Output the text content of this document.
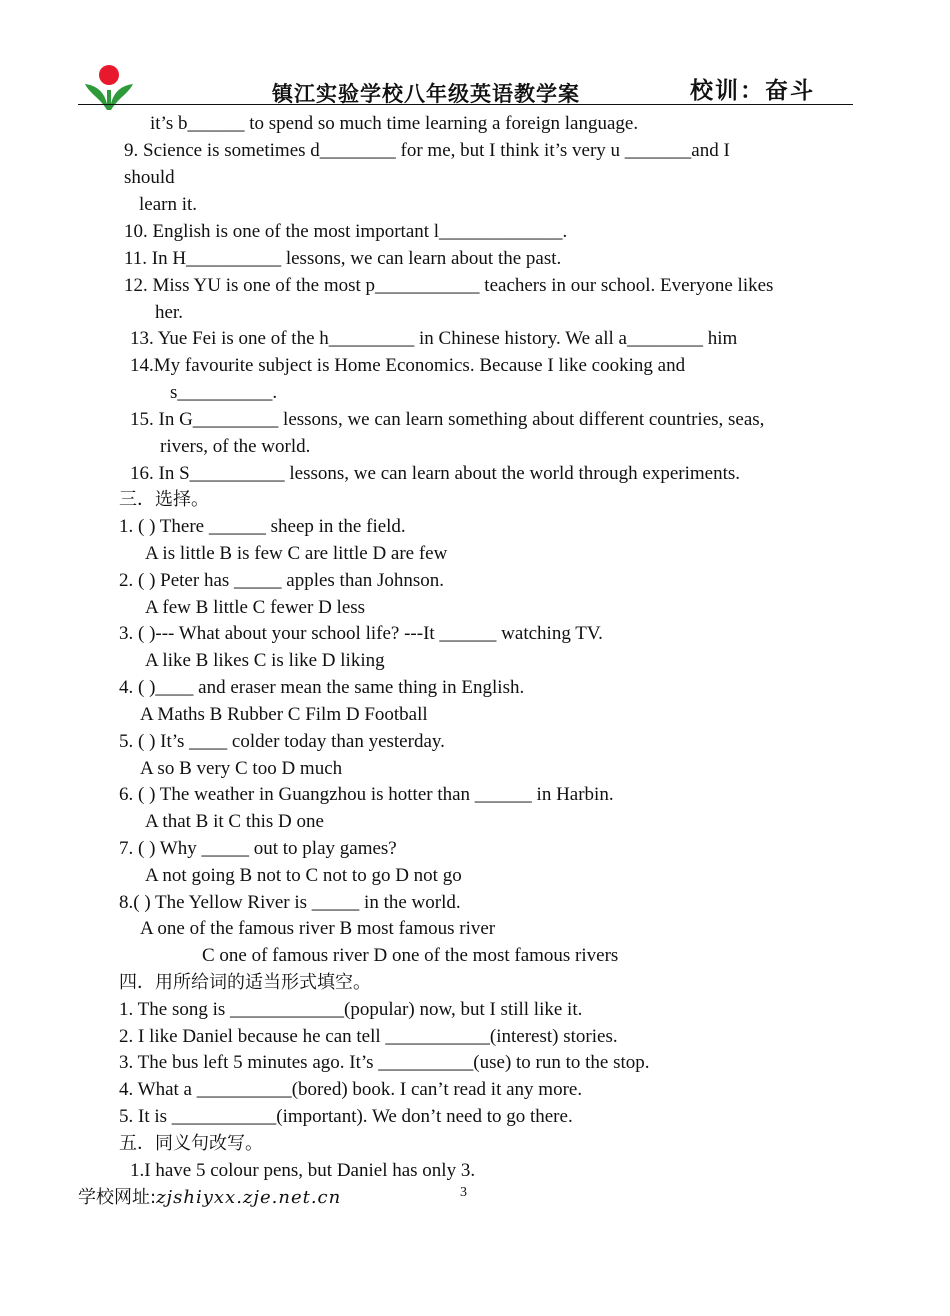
镇江实验学校八年级英语教学案	校训：奋斗
it’s b______ to spend so much time learning a foreign language.
9. Science is sometimes d________ for me, but I think it’s very u _______and I
should
learn it.
10. English is one of the most important l_____________.
11. In H__________ lessons, we can learn about the past.
12. Miss YU is one of the most p___________ teachers in our school. Everyone likes
her.
13. Yue Fei is one of the h_________ in Chinese history. We all a________ him
14.My favourite subject is Home Economics. Because I like cooking and
s__________.
15. In G_________ lessons, we can learn something about different countries, seas,
rivers, of the world.
16. In S__________ lessons, we can learn about the world through experiments.
三．选择。
1. ( ) There ______ sheep in the field.
A is little B is few C are little D are few
2. ( ) Peter has _____ apples than Johnson.
A few B little C fewer D less
3. ( )--- What about your school life? ---It ______ watching TV.
A like B likes C is like D liking
4. ( )____ and eraser mean the same thing in English.
A Maths B Rubber C Film D Football
5. ( ) It’s ____ colder today than yesterday.
A so B very C too D much
6. ( ) The weather in Guangzhou is hotter than ______ in Harbin.
A that B it C this D one
7. ( ) Why _____ out to play games?
A not going B not to C not to go D not go
8.( ) The Yellow River is _____ in the world.
A one of the famous river B most famous river
C one of famous river D one of the most famous rivers
四．用所给词的适当形式填空。
1. The song is ____________(popular) now, but I still like it.
2. I like Daniel because he can tell ___________(interest) stories.
3. The bus left 5 minutes ago. It’s __________(use) to run to the stop.
4. What a __________(bored) book. I can’t read it any more.
5. It is ___________(important). We don’t need to go there.
五．同义句改写。
1.I have 5 colour pens, but Daniel has only 3.
学校网址:zjshiyxx.zje.net.cn	3
